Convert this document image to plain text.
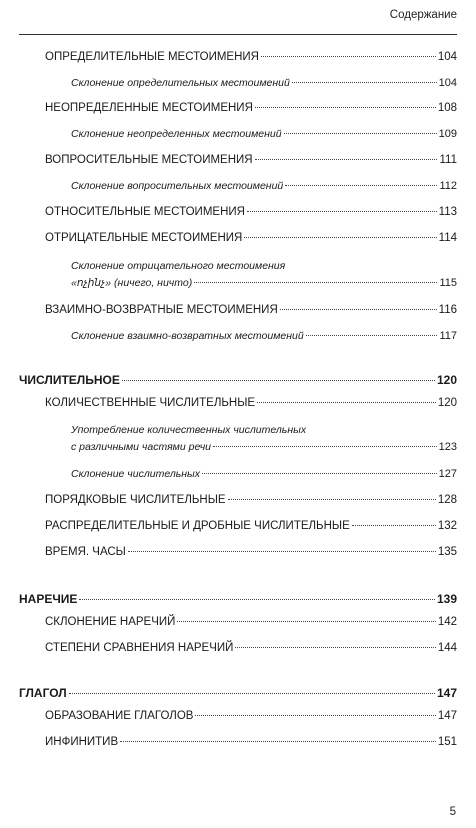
Содержание
ОПРЕДЕЛИТЕЛЬНЫЕ МЕСТОИМЕНИЯ	104
Склонение определительных местоимений	104
НЕОПРЕДЕЛЕННЫЕ МЕСТОИМЕНИЯ	108
Склонение неопределенных местоимений	109
ВОПРОСИТЕЛЬНЫЕ МЕСТОИМЕНИЯ	111
Склонение вопросительных местоимений	112
ОТНОСИТЕЛЬНЫЕ МЕСТОИМЕНИЯ	113
ОТРИЦАТЕЛЬНЫЕ МЕСТОИМЕНИЯ	114
Склонение отрицательного местоимения
«ոչինչ» (ничего, ничто)	115
ВЗАИМНО-ВОЗВРАТНЫЕ МЕСТОИМЕНИЯ	116
Склонение взаимно-возвратных местоимений	117
ЧИСЛИТЕЛЬНОЕ	120
КОЛИЧЕСТВЕННЫЕ ЧИСЛИТЕЛЬНЫЕ	120
Употребление количественных числительных
с различными частями речи	123
Склонение числительных	127
ПОРЯДКОВЫЕ ЧИСЛИТЕЛЬНЫЕ	128
РАСПРЕДЕЛИТЕЛЬНЫЕ И ДРОБНЫЕ ЧИСЛИТЕЛЬНЫЕ	132
ВРЕМЯ. ЧАСЫ	135
НАРЕЧИЕ	139
СКЛОНЕНИЕ НАРЕЧИЙ	142
СТЕПЕНИ СРАВНЕНИЯ НАРЕЧИЙ	144
ГЛАГОЛ	147
ОБРАЗОВАНИЕ ГЛАГОЛОВ	147
ИНФИНИТИВ	151
5
